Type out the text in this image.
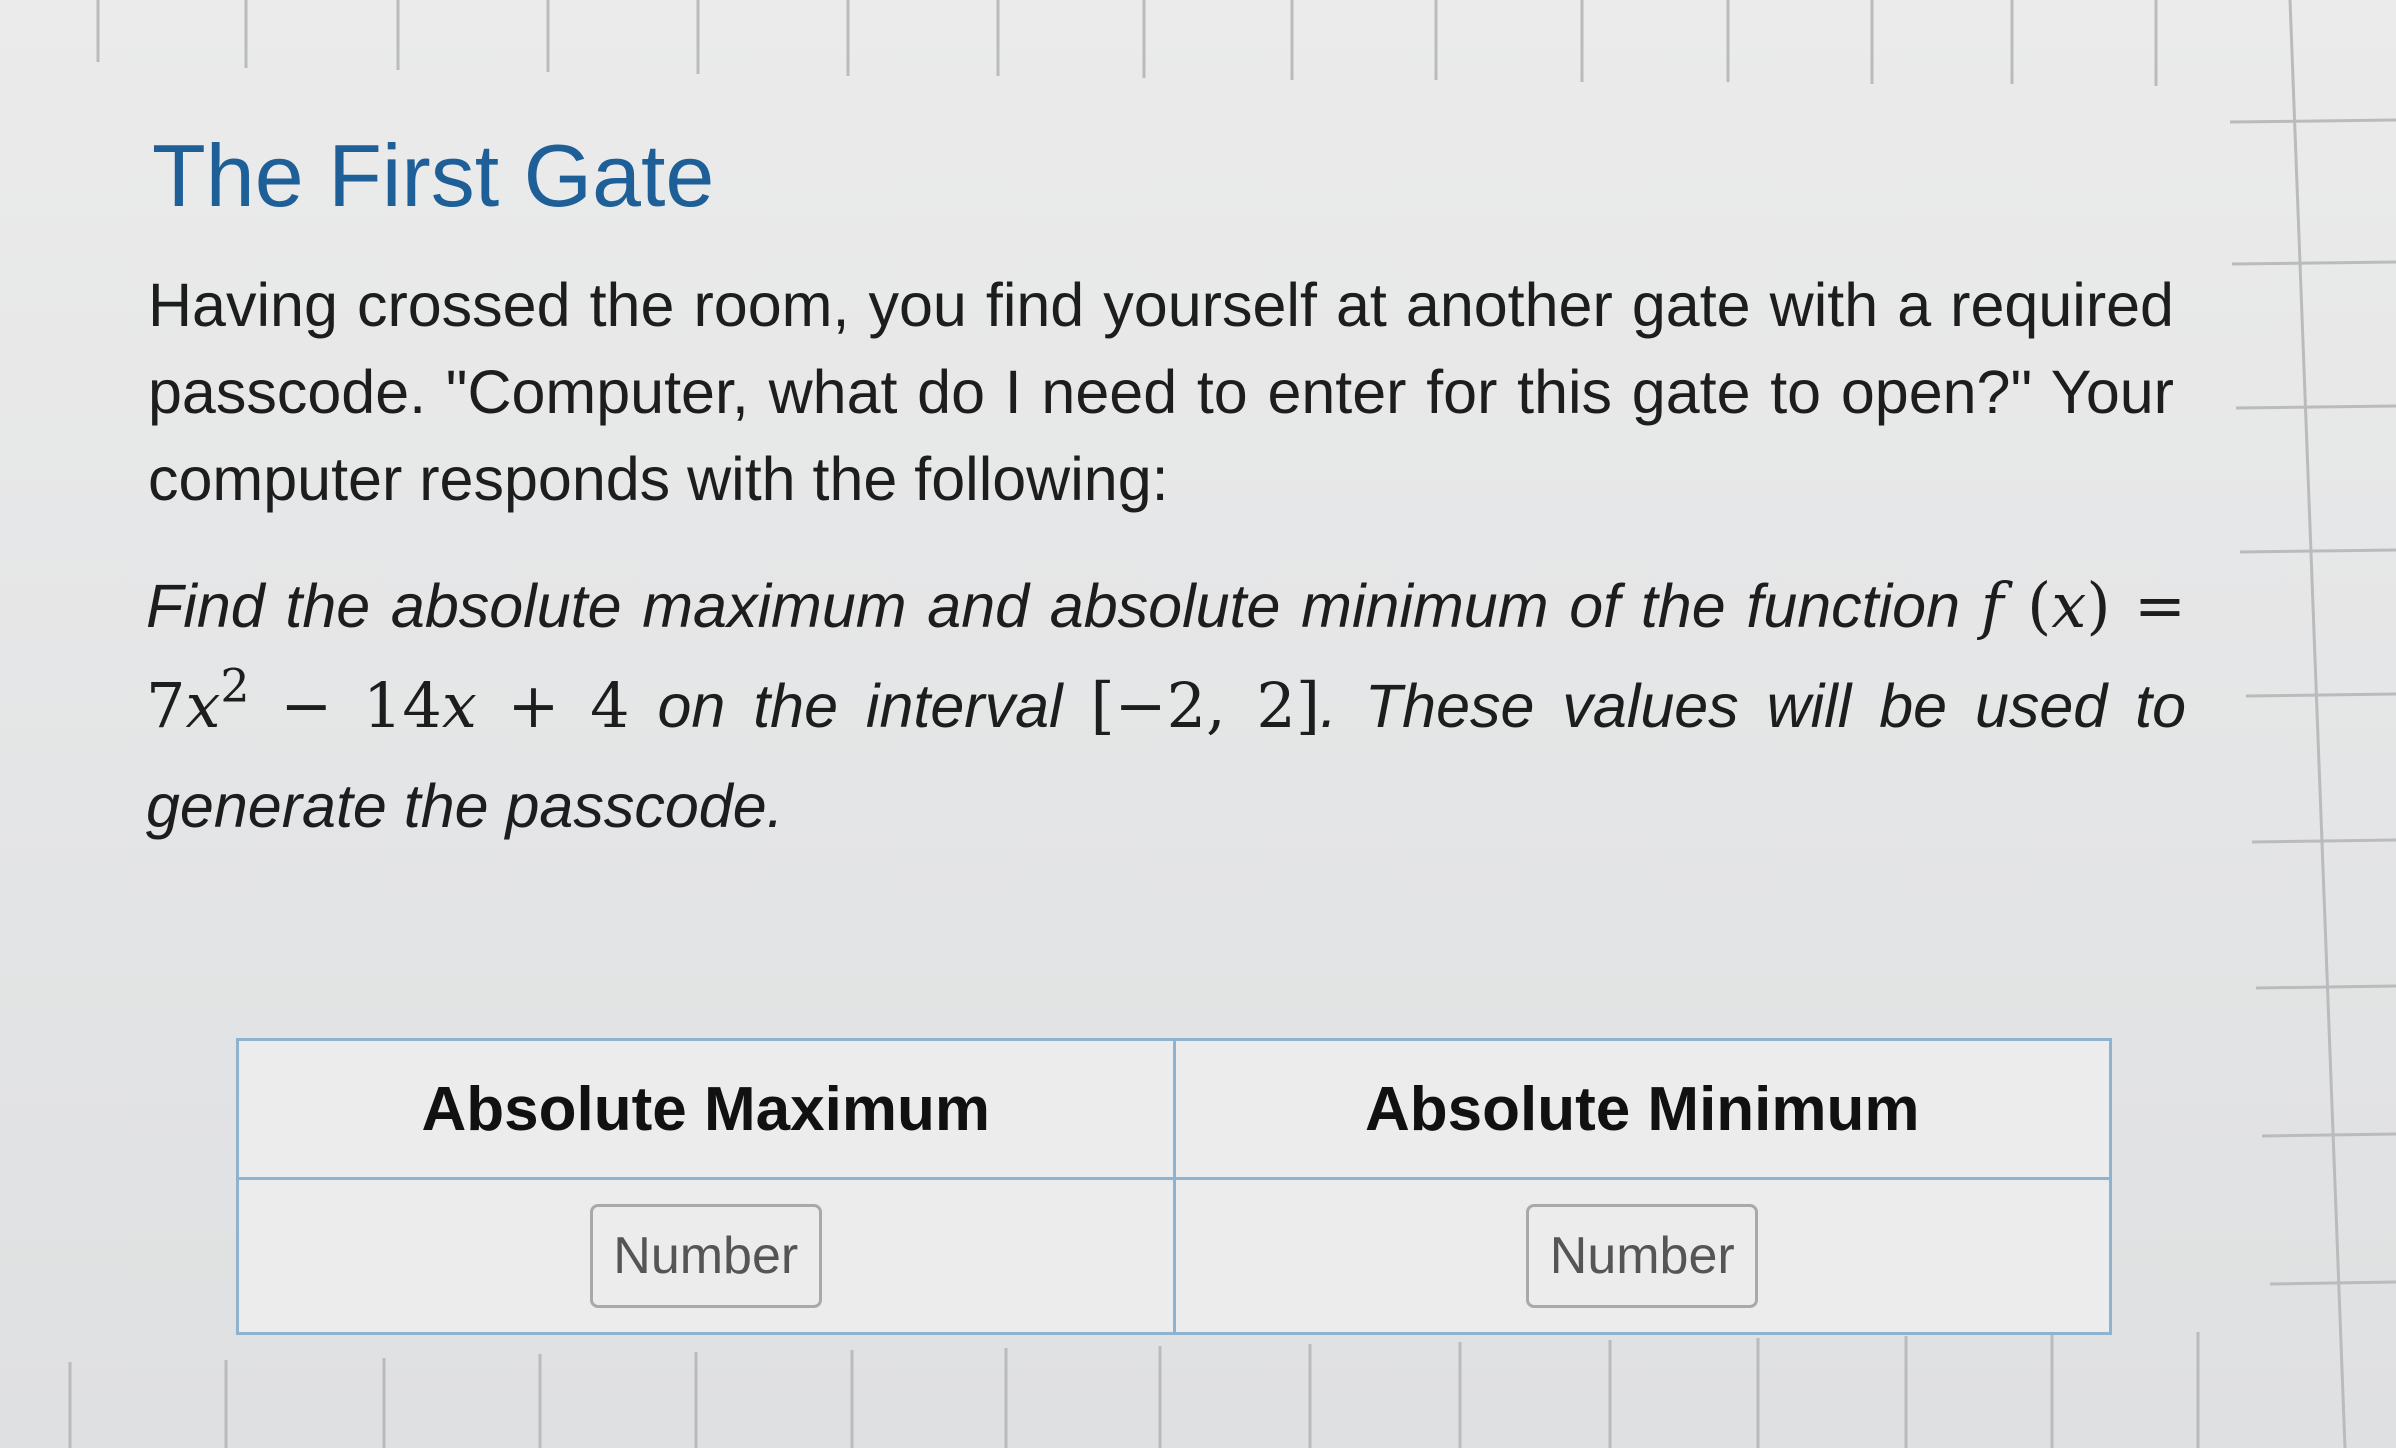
The First Gate

Having crossed the room, you find yourself at another gate with a required passcode. "Computer, what do I need to enter for this gate to open?" Your computer responds with the following:

Find the absolute maximum and absolute minimum of the function f $(x) = 7x^2 - 14x + 4$ on the interval [−2, 2]. These values will be used to generate the passcode.

Absolute Maximum	Absolute Minimum
Number	Number
